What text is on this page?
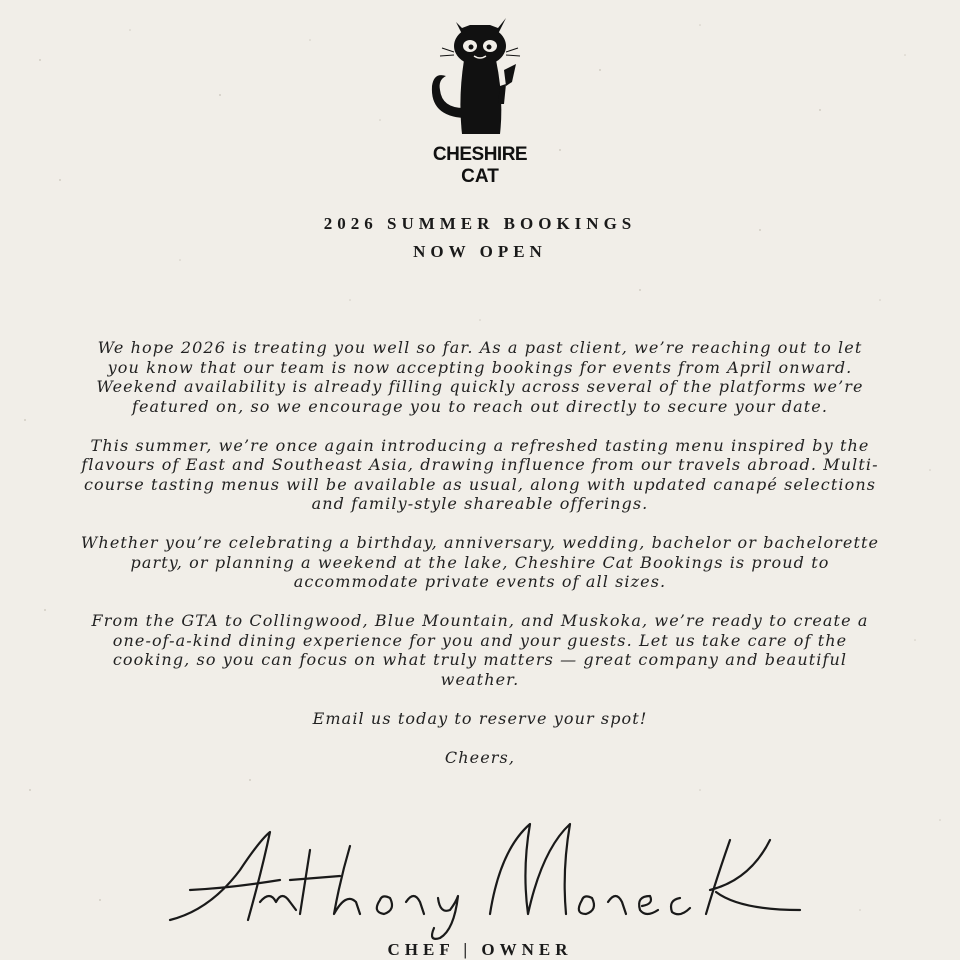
CHESHIRE
CAT
2026 SUMMER BOOKINGS
NOW OPEN

We hope 2026 is treating you well so far. As a past client, we’re reaching out to let you know that our team is now accepting bookings for events from April onward. Weekend availability is already filling quickly across several of the platforms we’re featured on, so we encourage you to reach out directly to secure your date.

This summer, we’re once again introducing a refreshed tasting menu inspired by the flavours of East and Southeast Asia, drawing influence from our travels abroad. Multi-course tasting menus will be available as usual, along with updated canapé selections and family-style shareable offerings.

Whether you’re celebrating a birthday, anniversary, wedding, bachelor or bachelorette party, or planning a weekend at the lake, Cheshire Cat Bookings is proud to accommodate private events of all sizes.

From the GTA to Collingwood, Blue Mountain, and Muskoka, we’re ready to create a one-of-a-kind dining experience for you and your guests. Let us take care of the cooking, so you can focus on what truly matters — great company and beautiful weather.

Email us today to reserve your spot!

Cheers,

Anthony Moneck
CHEF | OWNER
